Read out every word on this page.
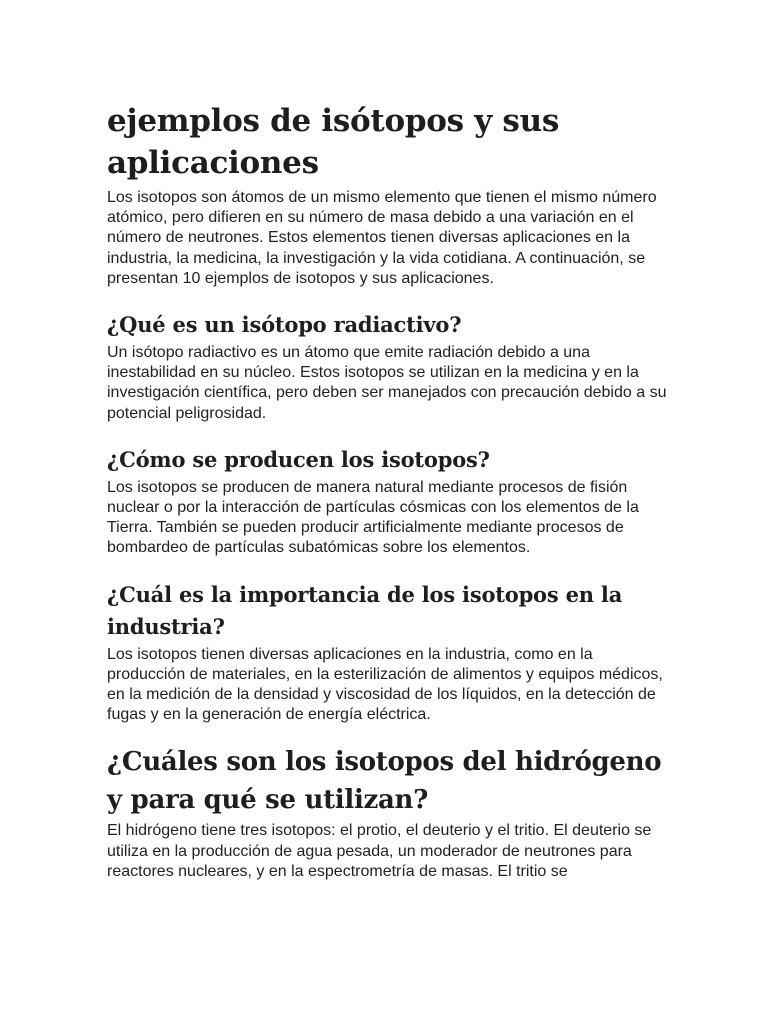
ejemplos de isótopos y sus aplicaciones

Los isotopos son átomos de un mismo elemento que tienen el mismo número atómico, pero difieren en su número de masa debido a una variación en el número de neutrones. Estos elementos tienen diversas aplicaciones en la industria, la medicina, la investigación y la vida cotidiana. A continuación, se presentan 10 ejemplos de isotopos y sus aplicaciones.

¿Qué es un isótopo radiactivo?

Un isótopo radiactivo es un átomo que emite radiación debido a una inestabilidad en su núcleo. Estos isotopos se utilizan en la medicina y en la investigación científica, pero deben ser manejados con precaución debido a su potencial peligrosidad.

¿Cómo se producen los isotopos?

Los isotopos se producen de manera natural mediante procesos de fisión nuclear o por la interacción de partículas cósmicas con los elementos de la Tierra. También se pueden producir artificialmente mediante procesos de bombardeo de partículas subatómicas sobre los elementos.

¿Cuál es la importancia de los isotopos en la industria?

Los isotopos tienen diversas aplicaciones en la industria, como en la producción de materiales, en la esterilización de alimentos y equipos médicos, en la medición de la densidad y viscosidad de los líquidos, en la detección de fugas y en la generación de energía eléctrica.

¿Cuáles son los isotopos del hidrógeno y para qué se utilizan?

El hidrógeno tiene tres isotopos: el protio, el deuterio y el tritio. El deuterio se utiliza en la producción de agua pesada, un moderador de neutrones para reactores nucleares, y en la espectrometría de masas. El tritio se
